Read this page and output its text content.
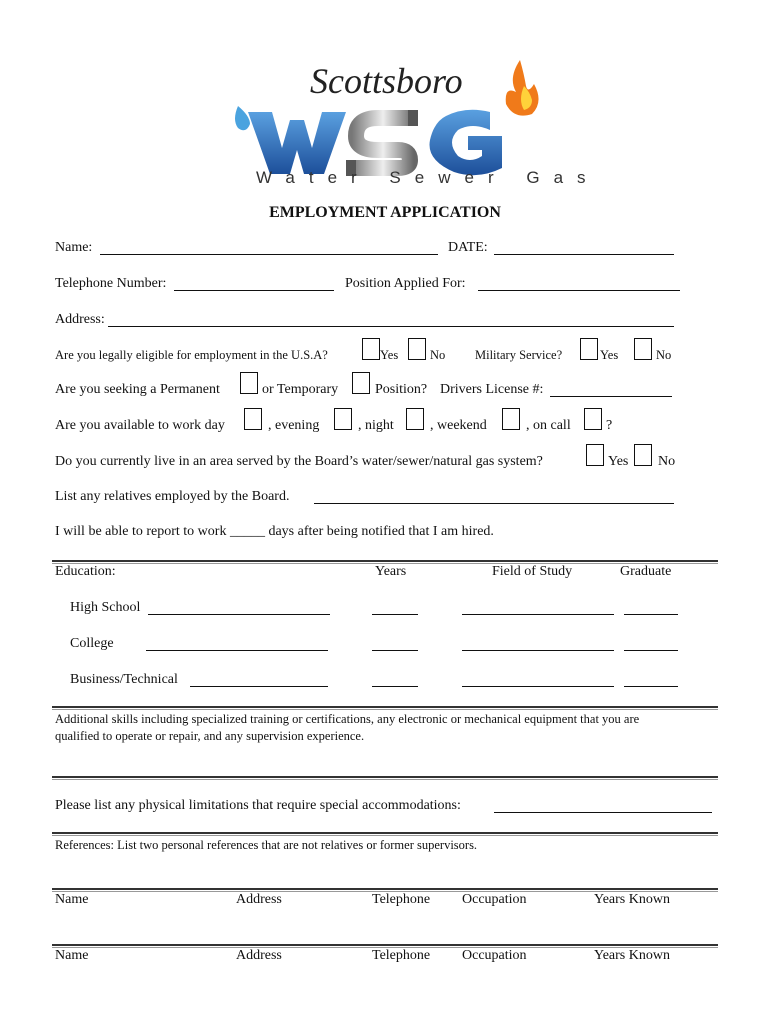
Scottsboro
Water Sewer Gas
EMPLOYMENT APPLICATION
Name:	DATE:
Telephone Number:	Position Applied For:
Address:
Are you legally eligible for employment in the U.S.A?	Yes	No Military Service?	Yes	No
Are you seeking a Permanent	or Temporary	Position? Drivers License #:
Are you available to work day	, evening	, night	, weekend	, on call	?
Do you currently live in an area served by the Board’s water/sewer/natural gas system?	Yes No
List any relatives employed by the Board.
I will be able to report to work _____ days after being notified that I am hired.
Education:	Years	Field of Study	Graduate
High School
College
Business/Technical
Additional skills including specialized training or certifications, any electronic or mechanical equipment that you are
qualified to operate or repair, and any supervision experience.
Please list any physical limitations that require special accommodations:
References: List two personal references that are not relatives or former supervisors.
Name	Address	Telephone Occupation	Years Known
Name	Address	Telephone Occupation	Years Known
